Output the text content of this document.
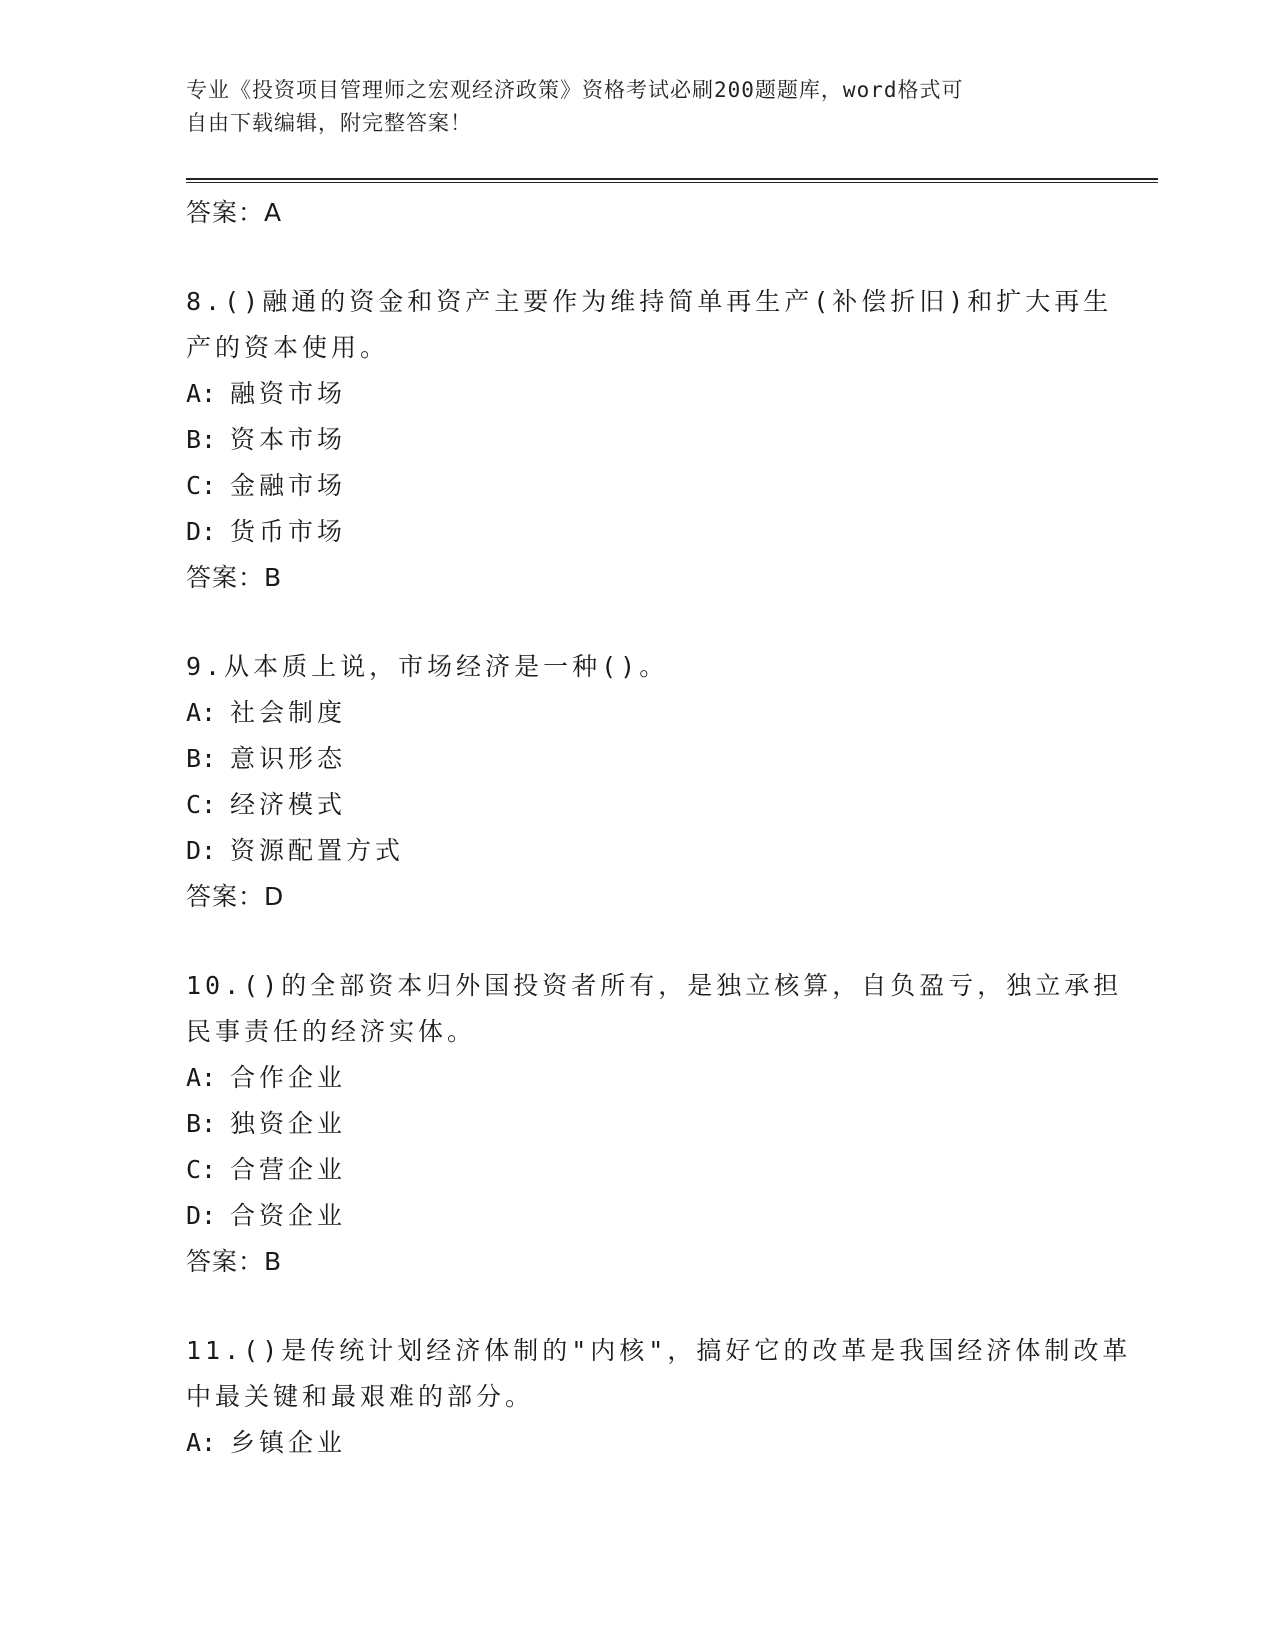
专业《投资项目管理师之宏观经济政策》资格考试必刷200题题库，word格式可
自由下载编辑，附完整答案！
答案：A
8.()融通的资金和资产主要作为维持简单再生产(补偿折旧)和扩大再生产的资本使用。
A: 融资市场
B: 资本市场
C: 金融市场
D: 货币市场
答案：B
9.从本质上说，市场经济是一种()。
A: 社会制度
B: 意识形态
C: 经济模式
D: 资源配置方式
答案：D
10.()的全部资本归外国投资者所有，是独立核算，自负盈亏，独立承担民事责任的经济实体。
A: 合作企业
B: 独资企业
C: 合营企业
D: 合资企业
答案：B
11.()是传统计划经济体制的"内核"，搞好它的改革是我国经济体制改革中最关键和最艰难的部分。
A: 乡镇企业
